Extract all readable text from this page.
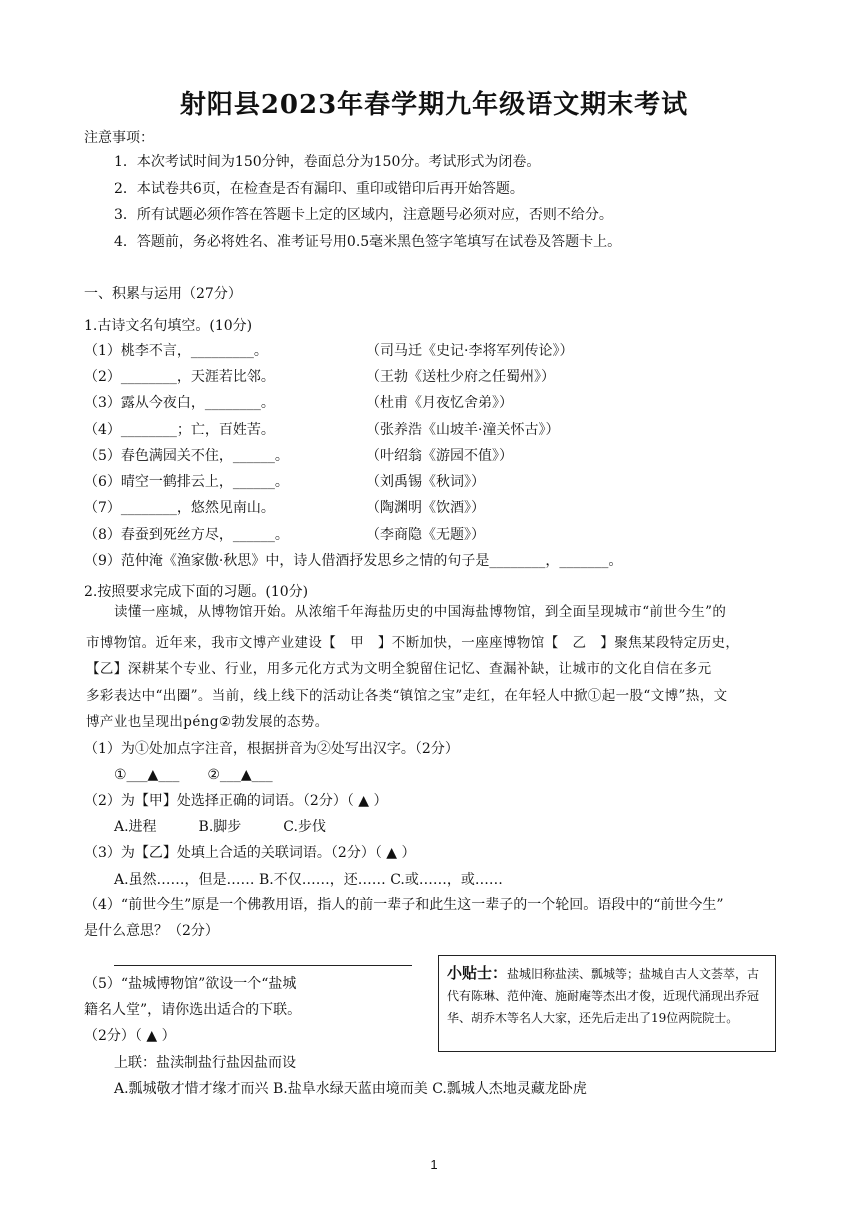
射阳县2023年春学期九年级语文期末考试
注意事项：
1．本次考试时间为150分钟，卷面总分为150分。考试形式为闭卷。
2．本试卷共6页，在检查是否有漏印、重印或错印后再开始答题。
3．所有试题必须作答在答题卡上定的区域内，注意题号必须对应，否则不给分。
4．答题前，务必将姓名、准考证号用0.5毫米黑色签字笔填写在试卷及答题卡上。
一、积累与运用（27分）
1.古诗文名句填空。(10分)
（1）桃李不言，_________。	（司马迁《史记·李将军列传论》）
（2）________，天涯若比邻。	（王勃《送杜少府之任蜀州》）
（3）露从今夜白，________。	（杜甫《月夜忆舍弟》）
（4）________；亡，百姓苦。	（张养浩《山坡羊·潼关怀古》）
（5）春色满园关不住，______。	（叶绍翁《游园不值》）
（6）晴空一鹤排云上，______。	（刘禹锡《秋词》）
（7）________，悠然见南山。	（陶渊明《饮酒》）
（8）春蚕到死丝方尽，______。	（李商隐《无题》）
（9）范仲淹《渔家傲·秋思》中，诗人借酒抒发思乡之情的句子是________，_______。
2.按照要求完成下面的习题。(10分)
读懂一座城，从博物馆开始。从浓缩千年海盐历史的中国海盐博物馆，到全面呈现城市“前世今生”的
市博物馆。近年来，我市文博产业建设【　甲　】不断加快，一座座博物馆【　乙　】聚焦某段特定历史，
【乙】深耕某个专业、行业，用多元化方式为文明全貌留住记忆、查漏补缺，让城市的文化自信在多元
多彩表达中“出圈”。当前，线上线下的活动让各类“镇馆之宝”走红，在年轻人中掀①起一股“文博”热，文
博产业也呈现出péng②勃发展的态势。
（1）为①处加点字注音，根据拼音为②处写出汉字。（2分）
①___▲___　　②___▲___
（2）为【甲】处选择正确的词语。（2分）（ ▲ ）
A.进程　　　B.脚步　　　C.步伐
（3）为【乙】处填上合适的关联词语。（2分）（ ▲ ）
A.虽然……，但是…… B.不仅……，还…… C.或……，或……
（4）“前世今生”原是一个佛教用语，指人的前一辈子和此生这一辈子的一个轮回。语段中的“前世今生”
是什么意思？（2分）
（5）“盐城博物馆”欲设一个“盐城
籍名人堂”，请你选出适合的下联。
（2分）（ ▲ ）
小贴士：盐城旧称盐渎、瓢城等；盐城自古人文荟萃，古代有陈琳、范仲淹、施耐庵等杰出才俊，近现代涌现出乔冠华、胡乔木等名人大家，还先后走出了19位两院院士。
上联：盐渎制盐行盐因盐而设
A.瓢城敬才惜才缘才而兴 B.盐阜水绿天蓝由境而美 C.瓢城人杰地灵藏龙卧虎
1
